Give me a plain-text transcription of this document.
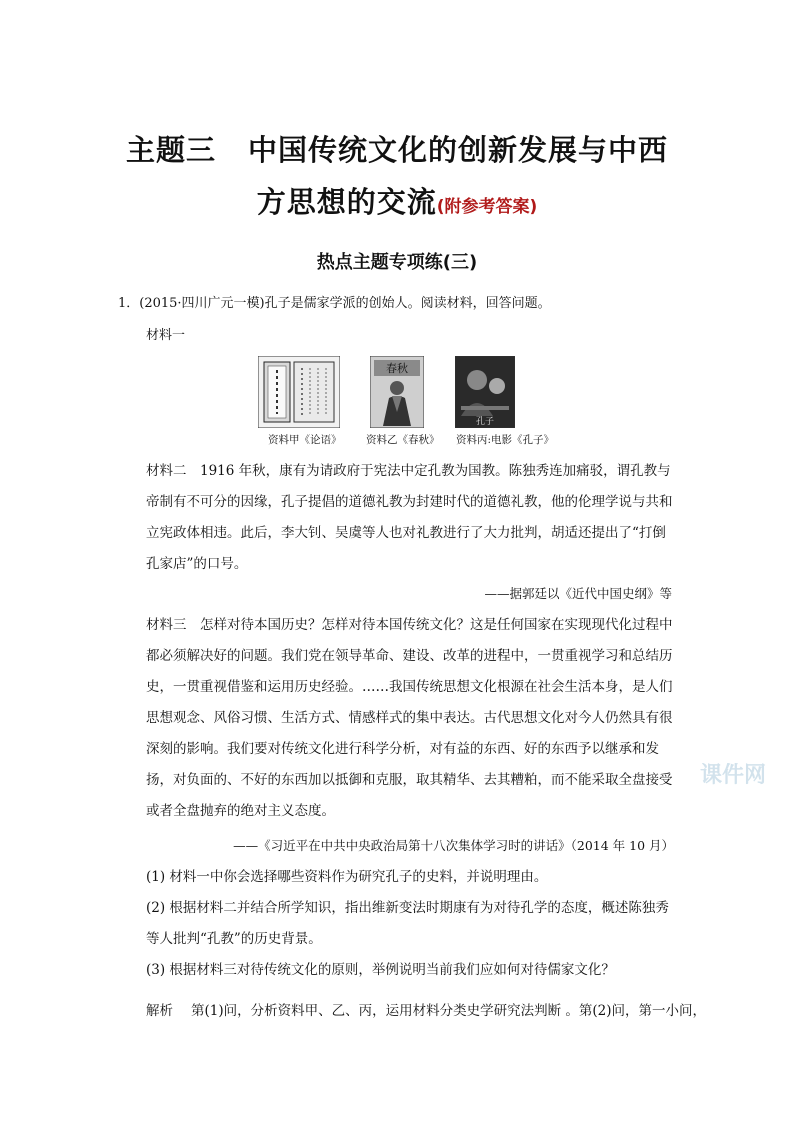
主题三 中国传统文化的创新发展与中西
方思想的交流(附参考答案)
热点主题专项练(三)
1．(2015·四川广元一模)孔子是儒家学派的创始人。阅读材料，回答问题。
材料一
春秋
孔子
资料甲《论语》 资料乙《春秋》 资料丙:电影《孔子》

材料二　1916 年秋，康有为请政府于宪法中定孔教为国教。陈独秀连加痛驳，谓孔教与帝制有不可分的因缘，孔子提倡的道德礼教为封建时代的道德礼教，他的伦理学说与共和立宪政体相违。此后，李大钊、吴虞等人也对礼教进行了大力批判，胡适还提出了“打倒孔家店”的口号。

——据郭廷以《近代中国史纲》等

材料三　怎样对待本国历史？怎样对待本国传统文化？这是任何国家在实现现代化过程中都必须解决好的问题。我们党在领导革命、建设、改革的进程中，一贯重视学习和总结历史，一贯重视借鉴和运用历史经验。……我国传统思想文化根源在社会生活本身，是人们思想观念、风俗习惯、生活方式、情感样式的集中表达。古代思想文化对今人仍然具有很深刻的影响。我们要对传统文化进行科学分析，对有益的东西、好的东西予以继承和发扬，对负面的、不好的东西加以抵御和克服，取其精华、去其糟粕，而不能采取全盘接受或者全盘抛弃的绝对主义态度。

——《习近平在中共中央政治局第十八次集体学习时的讲话》（2014 年 10 月）
(1) 材料一中你会选择哪些资料作为研究孔子的史料，并说明理由。
(2) 根据材料二并结合所学知识，指出维新变法时期康有为对待孔学的态度，概述陈独秀等人批判“孔教”的历史背景。
(3) 根据材料三对待传统文化的原则，举例说明当前我们应如何对待儒家文化？
解析 第(1)问，分析资料甲、乙、丙，运用材料分类史学研究法判断 。第(2)问，第一小问，
课件网
